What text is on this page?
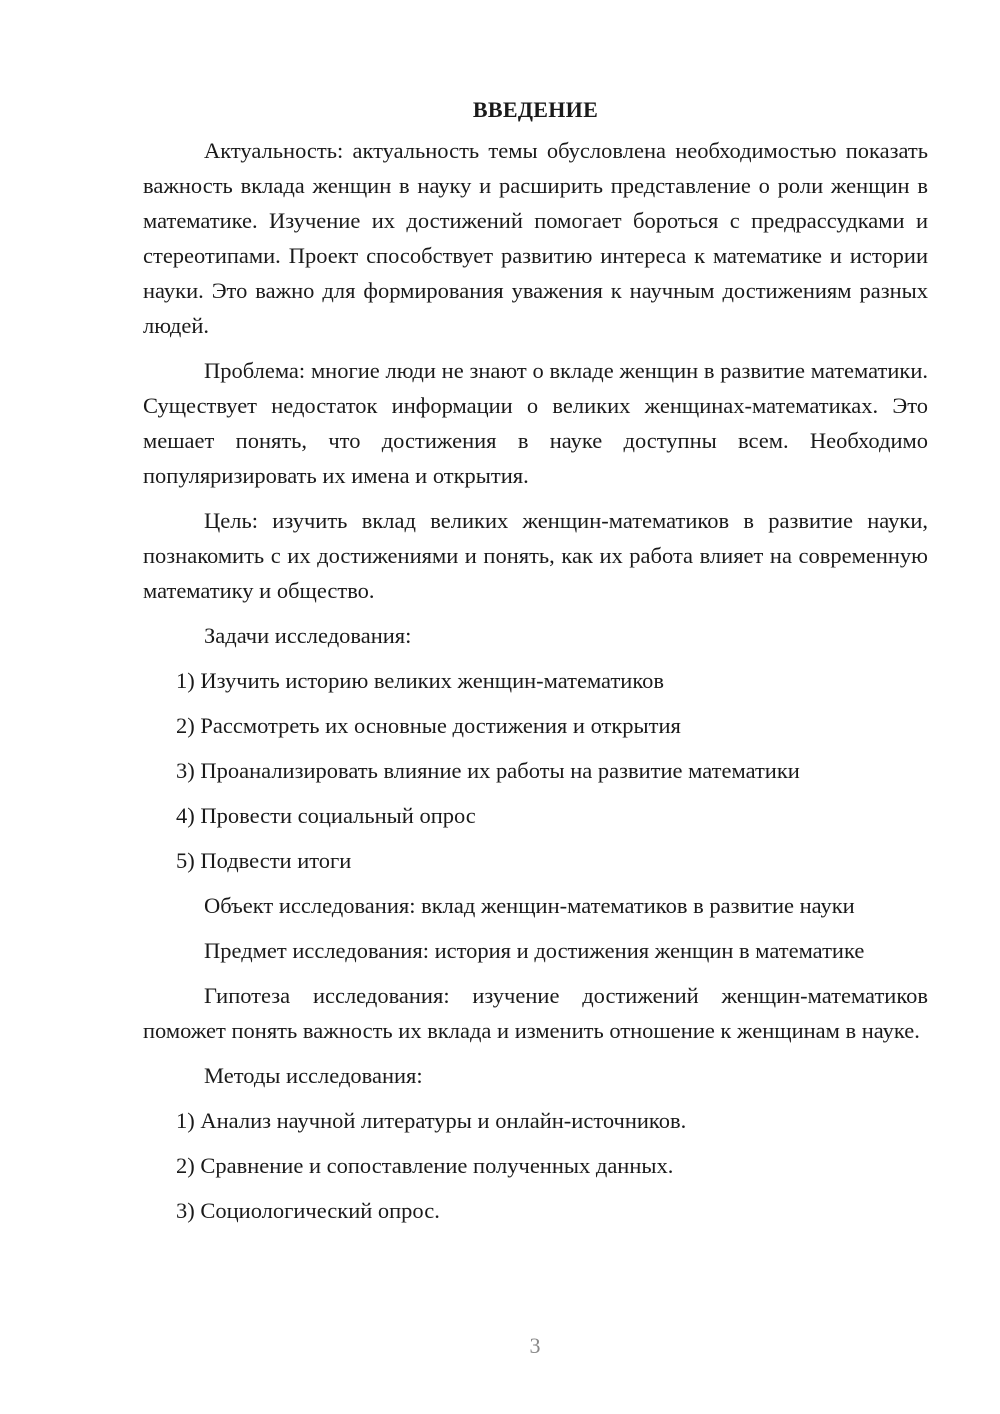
ВВЕДЕНИЕ

Актуальность: актуальность темы обусловлена необходимостью показать важность вклада женщин в науку и расширить представление о роли женщин в математике. Изучение их достижений помогает бороться с предрассудками и стереотипами. Проект способствует развитию интереса к математике и истории науки. Это важно для формирования уважения к научным достижениям разных людей.

Проблема: многие люди не знают о вкладе женщин в развитие математики. Существует недостаток информации о великих женщинах-математиках. Это мешает понять, что достижения в науке доступны всем. Необходимо популяризировать их имена и открытия.

Цель: изучить вклад великих женщин-математиков в развитие науки, познакомить с их достижениями и понять, как их работа влияет на современную математику и общество.

Задачи исследования:
1) Изучить историю великих женщин-математиков
2) Рассмотреть их основные достижения и открытия
3) Проанализировать влияние их работы на развитие математики
4) Провести социальный опрос
5) Подвести итоги

Объект исследования: вклад женщин-математиков в развитие науки

Предмет исследования: история и достижения женщин в математике

Гипотеза исследования: изучение достижений женщин-математиков поможет понять важность их вклада и изменить отношение к женщинам в науке.

Методы исследования:
1) Анализ научной литературы и онлайн-источников.
2) Сравнение и сопоставление полученных данных.
3) Социологический опрос.
3
